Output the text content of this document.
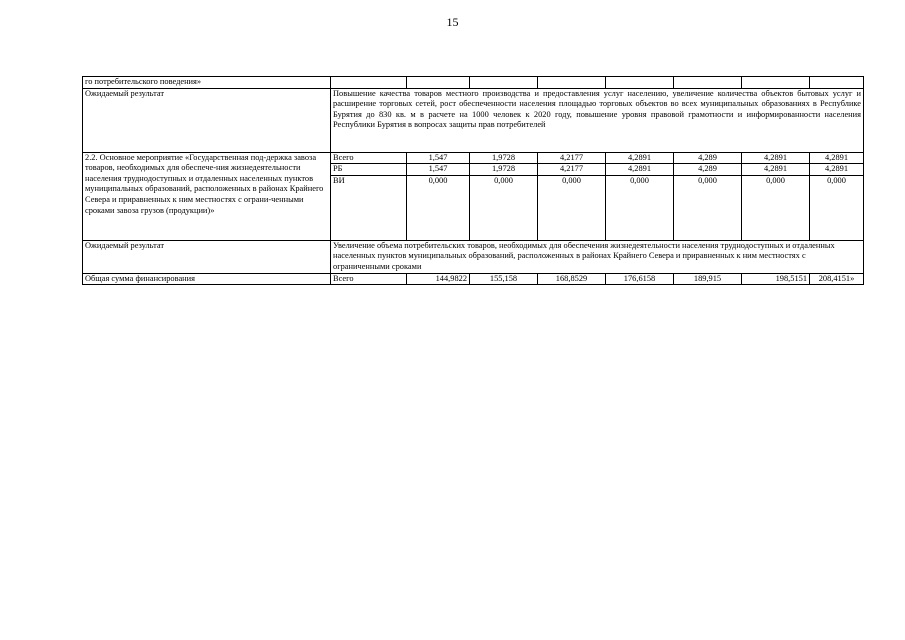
15
го потребительского поведения»								
Ожидаемый результат	Повышение качества товаров местного производства и предоставления услуг населению, увеличение количества объектов бытовых услуг и расширение торговых сетей, рост обеспеченности населения площадью торговых объектов во всех муниципальных образованиях в Республике Бурятия до 830 кв. м в расчете на 1000 человек к 2020 году, повышение уровня правовой грамотности и информированности населения Республики Бурятия в вопросах защиты прав потребителей							
2.2. Основное мероприятие «Государственная под-держка завоза товаров, необходимых для обеспече-ния жизнедеятельности населения труднодоступных и отдаленных населенных пунктов муниципальных образований, расположенных в районах Крайнего Севера и приравненных к ним местностях с ограни-ченными сроками завоза грузов (продукции)»	Всего	1,547	1,9728	4,2177	4,2891	4,289	4,2891	4,2891
	РБ	1,547	1,9728	4,2177	4,2891	4,289	4,2891	4,2891
	ВИ	0,000	0,000	0,000	0,000	0,000	0,000	0,000
Ожидаемый результат	Увеличение объема потребительских товаров, необходимых для обеспечения жизнедеятельности населения труднодоступных и отдаленных населенных пунктов муниципальных образований, расположенных в районах Крайнего Севера и приравненных к ним местностях с ограниченными сроками							
Общая сумма финансирования	Всего	144,9822	155,158	168,8529	176,6158	189,915	198,5151	208,4151»
